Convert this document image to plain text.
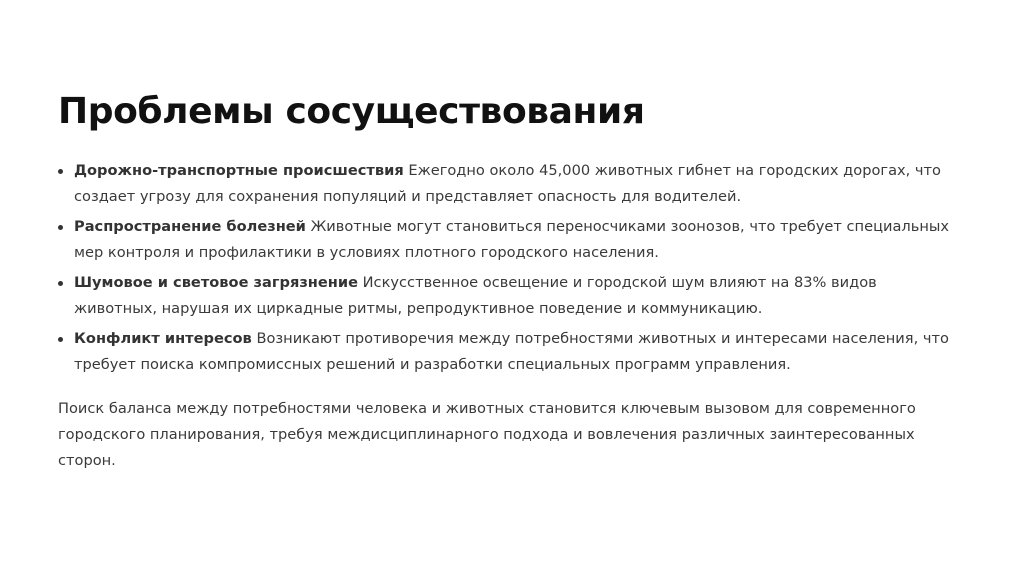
Проблемы сосуществования
Дорожно-транспортные происшествия Ежегодно около 45,000 животных гибнет на городских дорогах, что создает угрозу для сохранения популяций и представляет опасность для водителей.
Распространение болезней Животные могут становиться переносчиками зоонозов, что требует специальных мер контроля и профилактики в условиях плотного городского населения.
Шумовое и световое загрязнение Искусственное освещение и городской шум влияют на 83% видов животных, нарушая их циркадные ритмы, репродуктивное поведение и коммуникацию.
Конфликт интересов Возникают противоречия между потребностями животных и интересами населения, что требует поиска компромиссных решений и разработки специальных программ управления.

Поиск баланса между потребностями человека и животных становится ключевым вызовом для современного городского планирования, требуя междисциплинарного подхода и вовлечения различных заинтересованных сторон.
